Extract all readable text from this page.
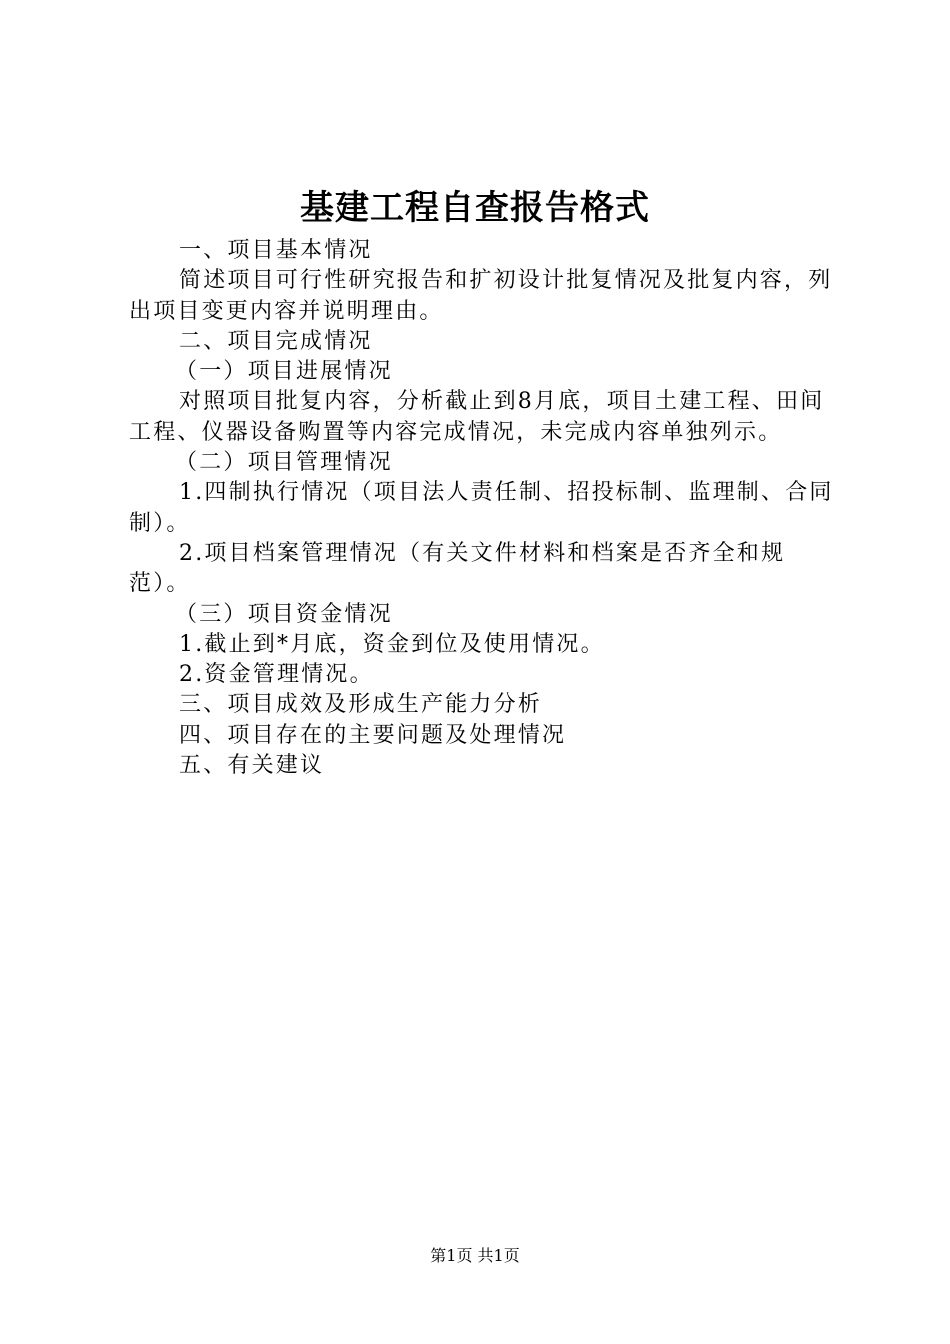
基建工程自查报告格式

一、项目基本情况

简述项目可行性研究报告和扩初设计批复情况及批复内容，列出项目变更内容并说明理由。

二、项目完成情况

（一）项目进展情况

对照项目批复内容，分析截止到8月底，项目土建工程、田间工程、仪器设备购置等内容完成情况，未完成内容单独列示。

（二）项目管理情况

1.四制执行情况（项目法人责任制、招投标制、监理制、合同制）。

2.项目档案管理情况（有关文件材料和档案是否齐全和规范）。

（三）项目资金情况

1.截止到*月底，资金到位及使用情况。

2.资金管理情况。

三、项目成效及形成生产能力分析

四、项目存在的主要问题及处理情况

五、有关建议

第1页 共1页
